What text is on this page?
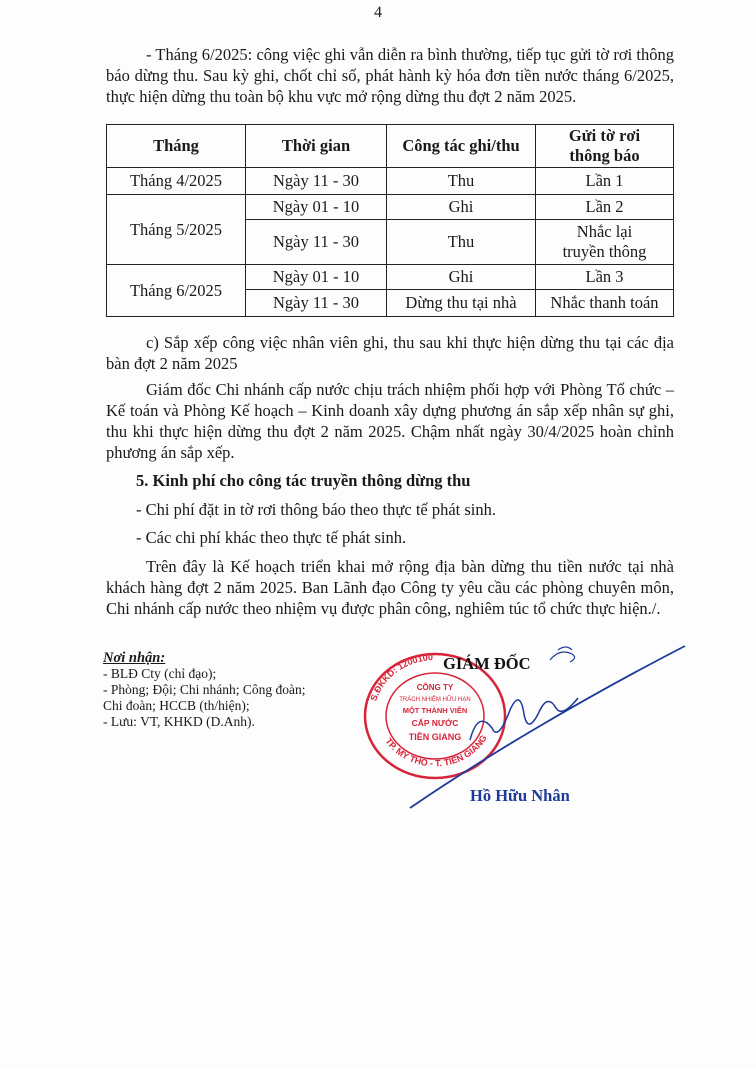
4
- Tháng 6/2025: công việc ghi vẫn diễn ra bình thường, tiếp tục gửi tờ rơi thông báo dừng thu. Sau kỳ ghi, chốt chỉ số, phát hành kỳ hóa đơn tiền nước tháng 6/2025, thực hiện dừng thu toàn bộ khu vực mở rộng dừng thu đợt 2 năm 2025.
Tháng	Thời gian	Công tác ghi/thu	Gửi tờ rơi thông báo
Tháng 4/2025	Ngày 11 - 30	Thu	Lần 1
Tháng 5/2025	Ngày 01 - 10	Ghi	Lần 2
	Ngày 11 - 30	Thu	Nhắc lại truyền thông
Tháng 6/2025	Ngày 01 - 10	Ghi	Lần 3
	Ngày 11 - 30	Dừng thu tại nhà	Nhắc thanh toán
c) Sắp xếp công việc nhân viên ghi, thu sau khi thực hiện dừng thu tại các địa bàn đợt 2 năm 2025
Giám đốc Chi nhánh cấp nước chịu trách nhiệm phối hợp với Phòng Tổ chức – Kế toán và Phòng Kế hoạch – Kinh doanh xây dựng phương án sắp xếp nhân sự ghi, thu khi thực hiện dừng thu đợt 2 năm 2025. Chậm nhất ngày 30/4/2025 hoàn chỉnh phương án sắp xếp.
5. Kinh phí cho công tác truyền thông dừng thu
- Chi phí đặt in tờ rơi thông báo theo thực tế phát sinh.
- Các chi phí khác theo thực tế phát sinh.
Trên đây là Kế hoạch triển khai mở rộng địa bàn dừng thu tiền nước tại nhà khách hàng đợt 2 năm 2025. Ban Lãnh đạo Công ty yêu cầu các phòng chuyên môn, Chi nhánh cấp nước theo nhiệm vụ được phân công, nghiêm túc tổ chức thực hiện./.
Nơi nhận:
- BLĐ Cty (chỉ đạo);
- Phòng; Đội; Chi nhánh; Công đoàn; Chi đoàn; HCCB (th/hiện);
- Lưu: VT, KHKD (D.Anh).
S.ĐKKD: 1200100
TP. MỸ THO - T. TIỀN GIANG
CÔNG TY
TRÁCH NHIỆM HỮU HẠN
MỘT THÀNH VIÊN
CẤP NƯỚC
TIỀN GIANG
GIÁM ĐỐC
Hồ Hữu Nhân
